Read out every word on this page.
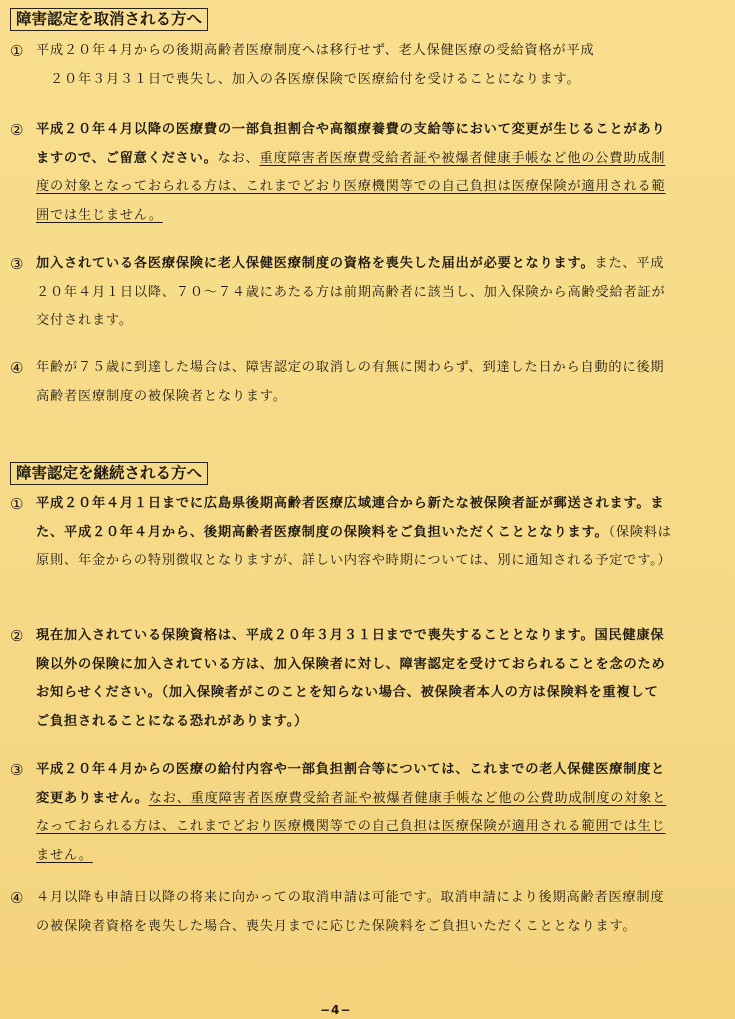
障害認定を取消される方へ
① 平成２０年４月からの後期高齢者医療制度へは移行せず、老人保健医療の受給資格が平成
２０年３月３１日で喪失し、加入の各医療保険で医療給付を受けることになります。
② 平成２０年４月以降の医療費の一部負担割合や高額療養費の支給等において変更が生じることがありますので、ご留意ください。なお、重度障害者医療費受給者証や被爆者健康手帳など他の公費助成制度の対象となっておられる方は、これまでどおり医療機関等での自己負担は医療保険が適用される範囲では生じません。
③ 加入されている各医療保険に老人保健医療制度の資格を喪失した届出が必要となります。また、平成２０年４月１日以降、７０～７４歳にあたる方は前期高齢者に該当し、加入保険から高齢受給者証が交付されます。
④ 年齢が７５歳に到達した場合は、障害認定の取消しの有無に関わらず、到達した日から自動的に後期高齢者医療制度の被保険者となります。
障害認定を継続される方へ
① 平成２０年４月１日までに広島県後期高齢者医療広域連合から新たな被保険者証が郵送されます。また、平成２０年４月から、後期高齢者医療制度の保険料をご負担いただくこととなります。（保険料は原則、年金からの特別徴収となりますが、詳しい内容や時期については、別に通知される予定です。）
② 現在加入されている保険資格は、平成２０年３月３１日までで喪失することとなります。国民健康保険以外の保険に加入されている方は、加入保険者に対し、障害認定を受けておられることを念のためお知らせください。（加入保険者がこのことを知らない場合、被保険者本人の方は保険料を重複してご負担されることになる恐れがあります。）
③ 平成２０年４月からの医療の給付内容や一部負担割合等については、これまでの老人保健医療制度と変更ありません。なお、重度障害者医療費受給者証や被爆者健康手帳など他の公費助成制度の対象となっておられる方は、これまでどおり医療機関等での自己負担は医療保険が適用される範囲では生じません。
④ ４月以降も申請日以降の将来に向かっての取消申請は可能です。取消申請により後期高齢者医療制度の被保険者資格を喪失した場合、喪失月までに応じた保険料をご負担いただくこととなります。
−4−
